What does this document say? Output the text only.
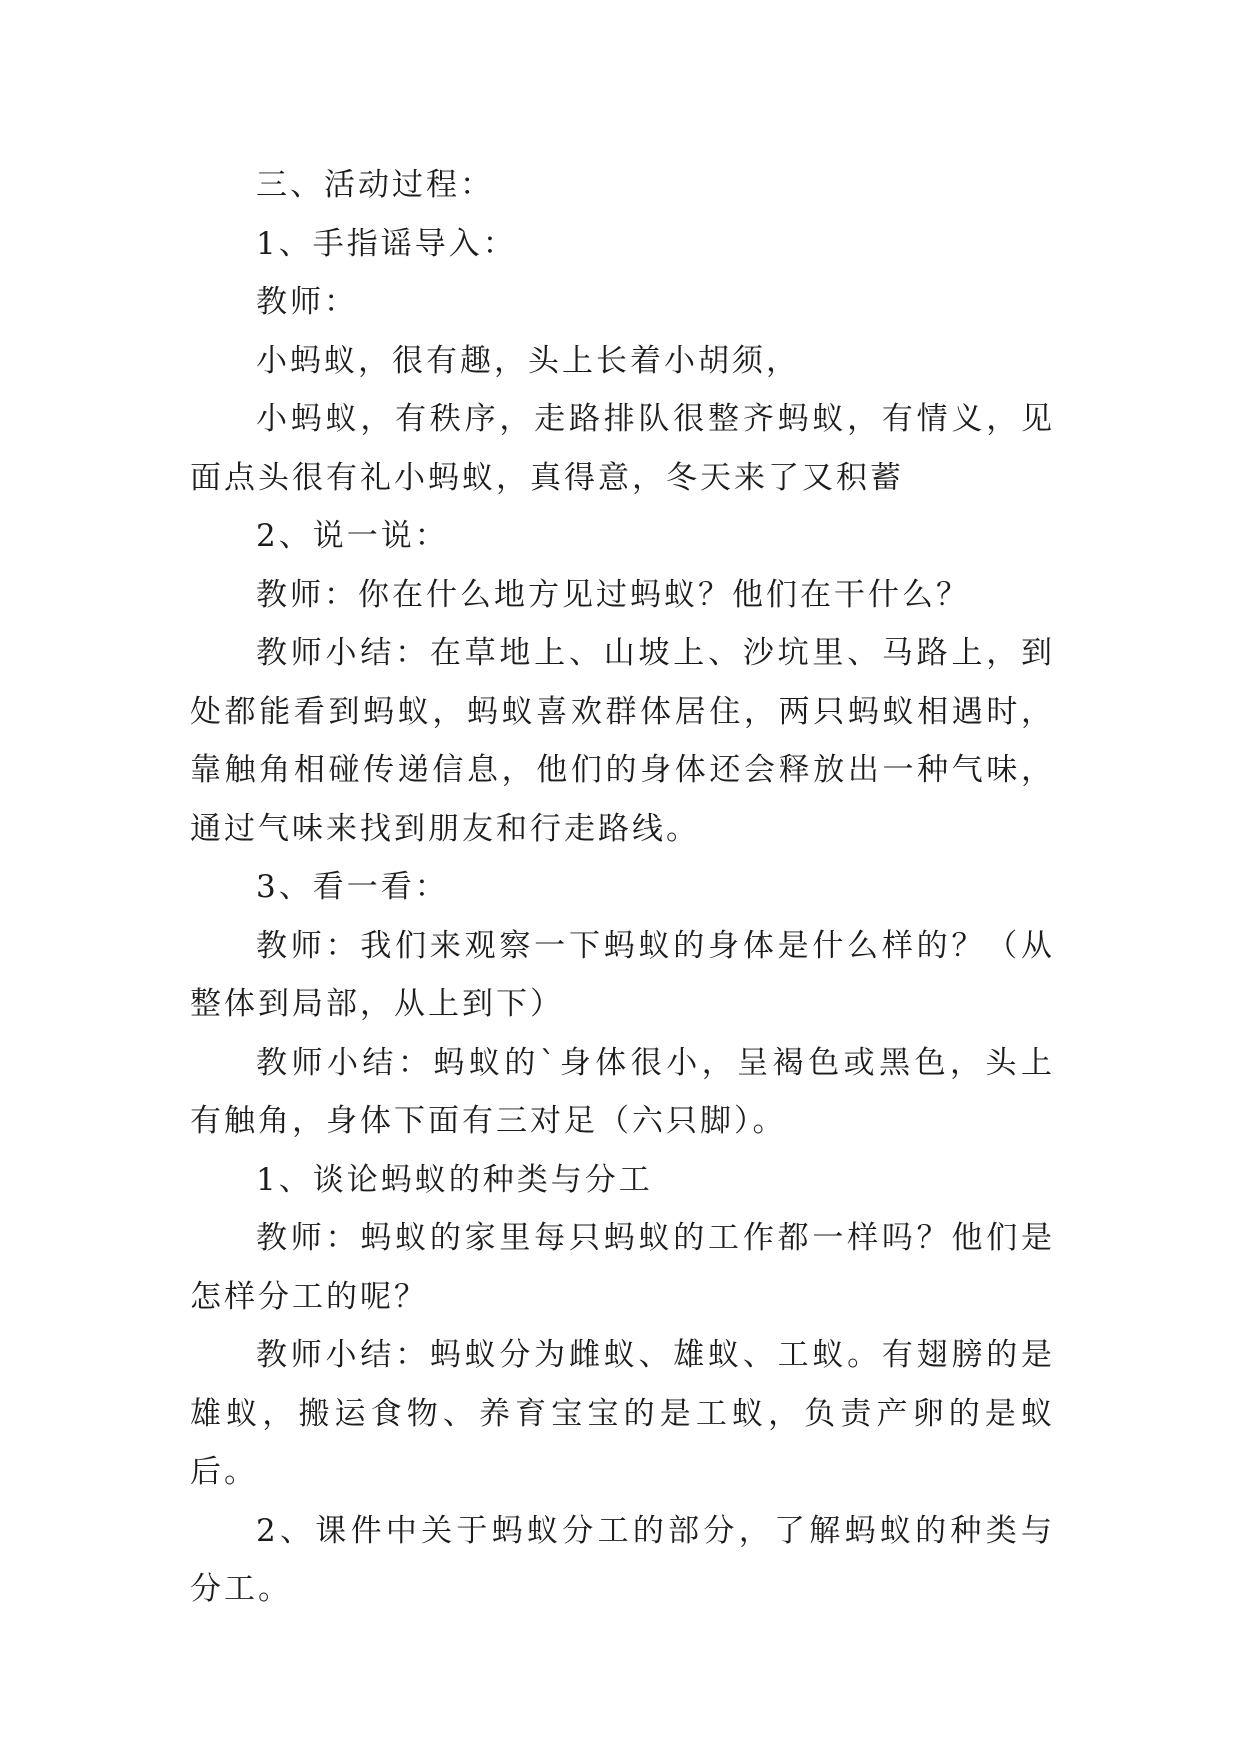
三、活动过程：

1、手指谣导入：

教师：

小蚂蚁，很有趣，头上长着小胡须，

小蚂蚁，有秩序，走路排队很整齐蚂蚁，有情义，见面点头很有礼小蚂蚁，真得意，冬天来了又积蓄

2、说一说：

教师：你在什么地方见过蚂蚁？他们在干什么？

教师小结：在草地上、山坡上、沙坑里、马路上，到处都能看到蚂蚁，蚂蚁喜欢群体居住，两只蚂蚁相遇时，靠触角相碰传递信息，他们的身体还会释放出一种气味，通过气味来找到朋友和行走路线。

3、看一看：

教师：我们来观察一下蚂蚁的身体是什么样的？（从整体到局部，从上到下）

教师小结：蚂蚁的`身体很小，呈褐色或黑色，头上有触角，身体下面有三对足（六只脚）。

1、谈论蚂蚁的种类与分工

教师：蚂蚁的家里每只蚂蚁的工作都一样吗？他们是怎样分工的呢？

教师小结：蚂蚁分为雌蚁、雄蚁、工蚁。有翅膀的是雄蚁，搬运食物、养育宝宝的是工蚁，负责产卵的是蚁后。

2、课件中关于蚂蚁分工的部分，了解蚂蚁的种类与分工。
